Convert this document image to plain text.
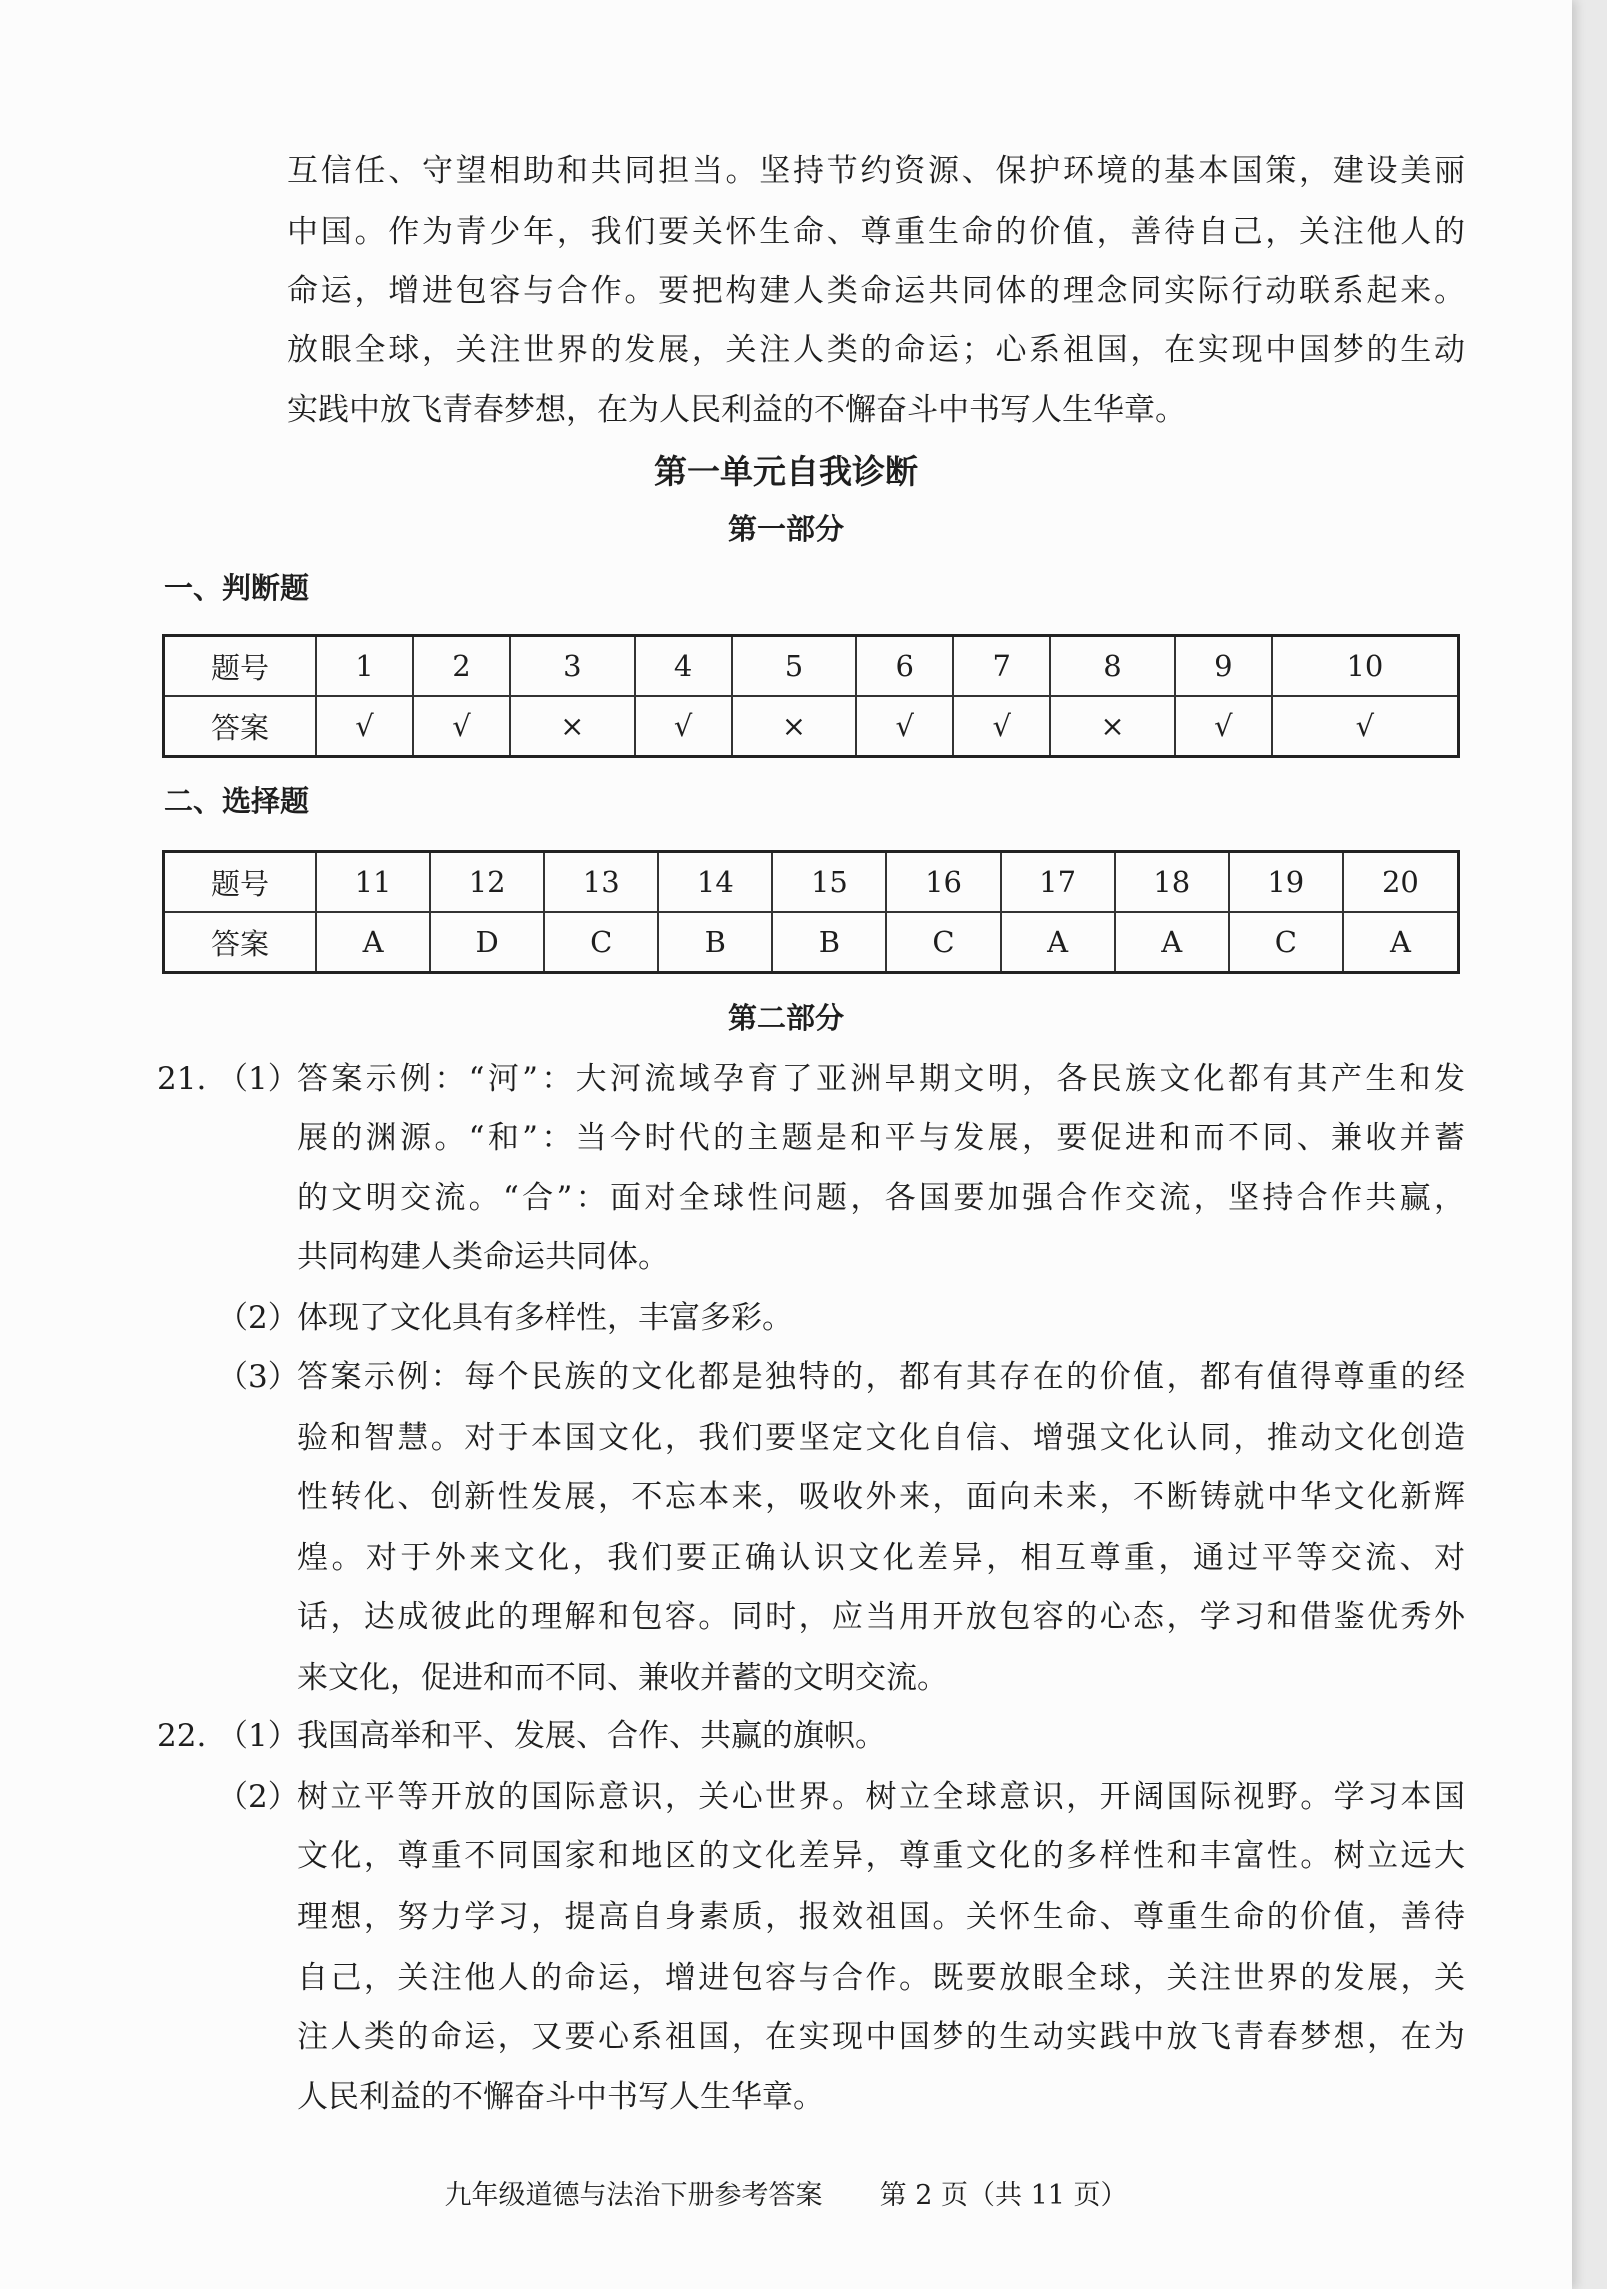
互信任、守望相助和共同担当。坚持节约资源、保护环境的基本国策，建设美丽
中国。作为青少年，我们要关怀生命、尊重生命的价值，善待自己，关注他人的
命运，增进包容与合作。要把构建人类命运共同体的理念同实际行动联系起来。
放眼全球，关注世界的发展，关注人类的命运；心系祖国，在实现中国梦的生动
实践中放飞青春梦想，在为人民利益的不懈奋斗中书写人生华章。
第一单元自我诊断
第一部分
一、判断题
题号	1	2	3	4	5	6	7	8	9	10
答案	√	√	×	√	×	√	√	×	√	√
二、选择题
题号	11	12	13	14	15	16	17	18	19	20
答案	A	D	C	B	B	C	A	A	C	A
第二部分
21. （1）
答案示例：“河”：大河流域孕育了亚洲早期文明，各民族文化都有其产生和发
展的渊源。“和”：当今时代的主题是和平与发展，要促进和而不同、兼收并蓄
的文明交流。“合”：面对全球性问题，各国要加强合作交流，坚持合作共赢，
共同构建人类命运共同体。
（2）
体现了文化具有多样性，丰富多彩。
（3）
答案示例：每个民族的文化都是独特的，都有其存在的价值，都有值得尊重的经
验和智慧。对于本国文化，我们要坚定文化自信、增强文化认同，推动文化创造
性转化、创新性发展，不忘本来，吸收外来，面向未来，不断铸就中华文化新辉
煌。对于外来文化，我们要正确认识文化差异，相互尊重，通过平等交流、对
话，达成彼此的理解和包容。同时，应当用开放包容的心态，学习和借鉴优秀外
来文化，促进和而不同、兼收并蓄的文明交流。
22. （1）
我国高举和平、发展、合作、共赢的旗帜。
（2）
树立平等开放的国际意识，关心世界。树立全球意识，开阔国际视野。学习本国
文化，尊重不同国家和地区的文化差异，尊重文化的多样性和丰富性。树立远大
理想，努力学习，提高自身素质，报效祖国。关怀生命、尊重生命的价值，善待
自己，关注他人的命运，增进包容与合作。既要放眼全球，关注世界的发展，关
注人类的命运，又要心系祖国，在实现中国梦的生动实践中放飞青春梦想，在为
人民利益的不懈奋斗中书写人生华章。
九年级道德与法治下册参考答案 第 2 页（共 11 页）
